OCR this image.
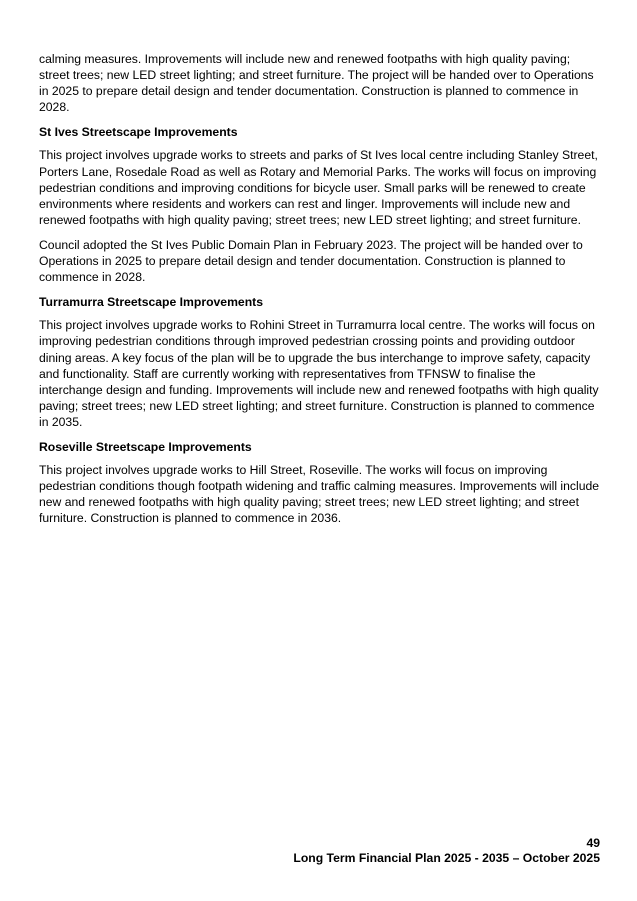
calming measures. Improvements will include new and renewed footpaths with high quality paving; street trees; new LED street lighting; and street furniture. The project will be handed over to Operations in 2025 to prepare detail design and tender documentation. Construction is planned to commence in 2028.

St Ives Streetscape Improvements

This project involves upgrade works to streets and parks of St Ives local centre including Stanley Street, Porters Lane, Rosedale Road as well as Rotary and Memorial Parks. The works will focus on improving pedestrian conditions and improving conditions for bicycle user. Small parks will be renewed to create environments where residents and workers can rest and linger. Improvements will include new and renewed footpaths with high quality paving; street trees; new LED street lighting; and street furniture.

Council adopted the St Ives Public Domain Plan in February 2023. The project will be handed over to Operations in 2025 to prepare detail design and tender documentation. Construction is planned to commence in 2028.

Turramurra Streetscape Improvements

This project involves upgrade works to Rohini Street in Turramurra local centre. The works will focus on improving pedestrian conditions through improved pedestrian crossing points and providing outdoor dining areas. A key focus of the plan will be to upgrade the bus interchange to improve safety, capacity and functionality. Staff are currently working with representatives from TFNSW to finalise the interchange design and funding. Improvements will include new and renewed footpaths with high quality paving; street trees; new LED street lighting; and street furniture. Construction is planned to commence in 2035.

Roseville Streetscape Improvements

This project involves upgrade works to Hill Street, Roseville. The works will focus on improving pedestrian conditions though footpath widening and traffic calming measures. Improvements will include new and renewed footpaths with high quality paving; street trees; new LED street lighting; and street furniture. Construction is planned to commence in 2036.

49
Long Term Financial Plan 2025 - 2035 – October 2025
